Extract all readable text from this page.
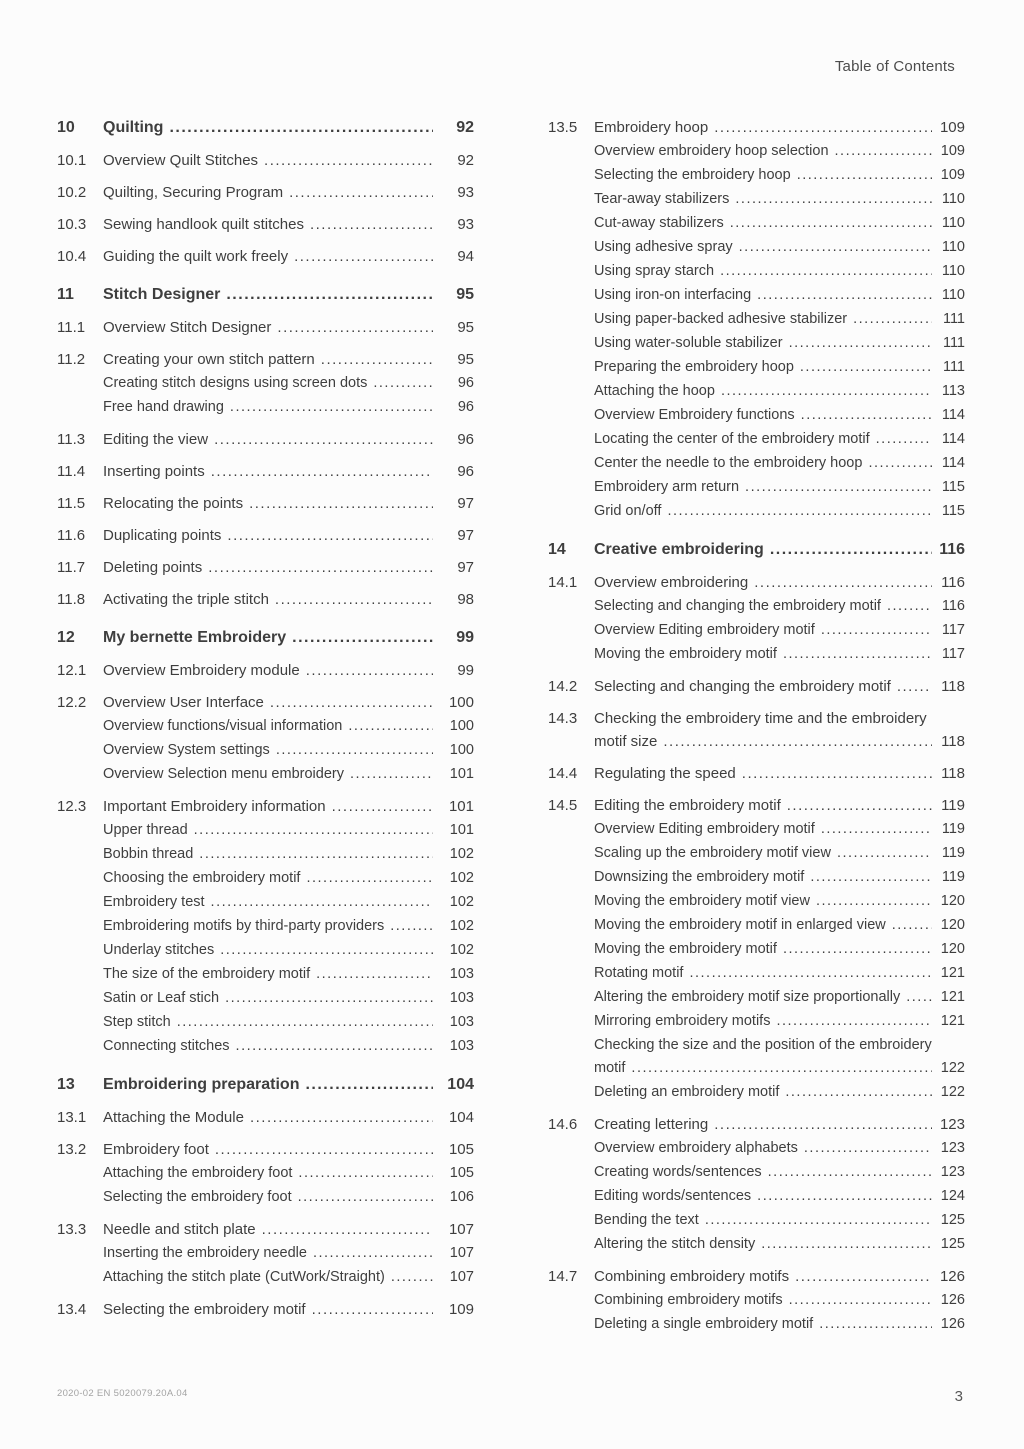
Table of Contents
10	Quilting .....	92
10.1	Overview Quilt Stitches .....	92
10.2	Quilting, Securing Program .....	93
10.3	Sewing handlook quilt stitches .....	93
10.4	Guiding the quilt work freely .....	94
11	Stitch Designer .....	95
11.1	Overview Stitch Designer .....	95
11.2	Creating your own stitch pattern .....	95
Creating stitch designs using screen dots .....	96
Free hand drawing .....	96
11.3	Editing the view .....	96
11.4	Inserting points .....	96
11.5	Relocating the points .....	97
11.6	Duplicating points .....	97
11.7	Deleting points .....	97
11.8	Activating the triple stitch .....	98
12	My bernette Embroidery .....	99
12.1	Overview Embroidery module .....	99
12.2	Overview User Interface .....	100
Overview functions/visual information .....	100
Overview System settings .....	100
Overview Selection menu embroidery .....	101
12.3	Important Embroidery information .....	101
Upper thread .....	101
Bobbin thread .....	102
Choosing the embroidery motif .....	102
Embroidery test .....	102
Embroidering motifs by third-party providers .....	102
Underlay stitches .....	102
The size of the embroidery motif .....	103
Satin or Leaf stich .....	103
Step stitch .....	103
Connecting stitches .....	103
13	Embroidering preparation .....	104
13.1	Attaching the Module .....	104
13.2	Embroidery foot .....	105
Attaching the embroidery foot .....	105
Selecting the embroidery foot .....	106
13.3	Needle and stitch plate .....	107
Inserting the embroidery needle .....	107
Attaching the stitch plate (CutWork/Straight) .....	107
13.4	Selecting the embroidery motif .....	109
13.5	Embroidery hoop .....	109
Overview embroidery hoop selection .....	109
Selecting the embroidery hoop .....	109
Tear-away stabilizers .....	110
Cut-away stabilizers .....	110
Using adhesive spray .....	110
Using spray starch .....	110
Using iron-on interfacing .....	110
Using paper-backed adhesive stabilizer .....	111
Using water-soluble stabilizer .....	111
Preparing the embroidery hoop .....	111
Attaching the hoop .....	113
Overview Embroidery functions .....	114
Locating the center of the embroidery motif .....	114
Center the needle to the embroidery hoop .....	114
Embroidery arm return .....	115
Grid on/off .....	115
14	Creative embroidering .....	116
14.1	Overview embroidering .....	116
Selecting and changing the embroidery motif .....	116
Overview Editing embroidery motif .....	117
Moving the embroidery motif .....	117
14.2	Selecting and changing the embroidery motif .....	118
14.3	Checking the embroidery time and the embroidery
motif size .....	118
14.4	Regulating the speed .....	118
14.5	Editing the embroidery motif .....	119
Overview Editing embroidery motif .....	119
Scaling up the embroidery motif view .....	119
Downsizing the embroidery motif .....	119
Moving the embroidery motif view .....	120
Moving the embroidery motif in enlarged view .....	120
Moving the embroidery motif .....	120
Rotating motif .....	121
Altering the embroidery motif size proportionally .....	121
Mirroring embroidery motifs .....	121
Checking the size and the position of the embroidery
motif .....	122
Deleting an embroidery motif .....	122
14.6	Creating lettering .....	123
Overview embroidery alphabets .....	123
Creating words/sentences .....	123
Editing words/sentences .....	124
Bending the text .....	125
Altering the stitch density .....	125
14.7	Combining embroidery motifs .....	126
Combining embroidery motifs .....	126
Deleting a single embroidery motif .....	126
2020-02 EN 5020079.20A.04	3
